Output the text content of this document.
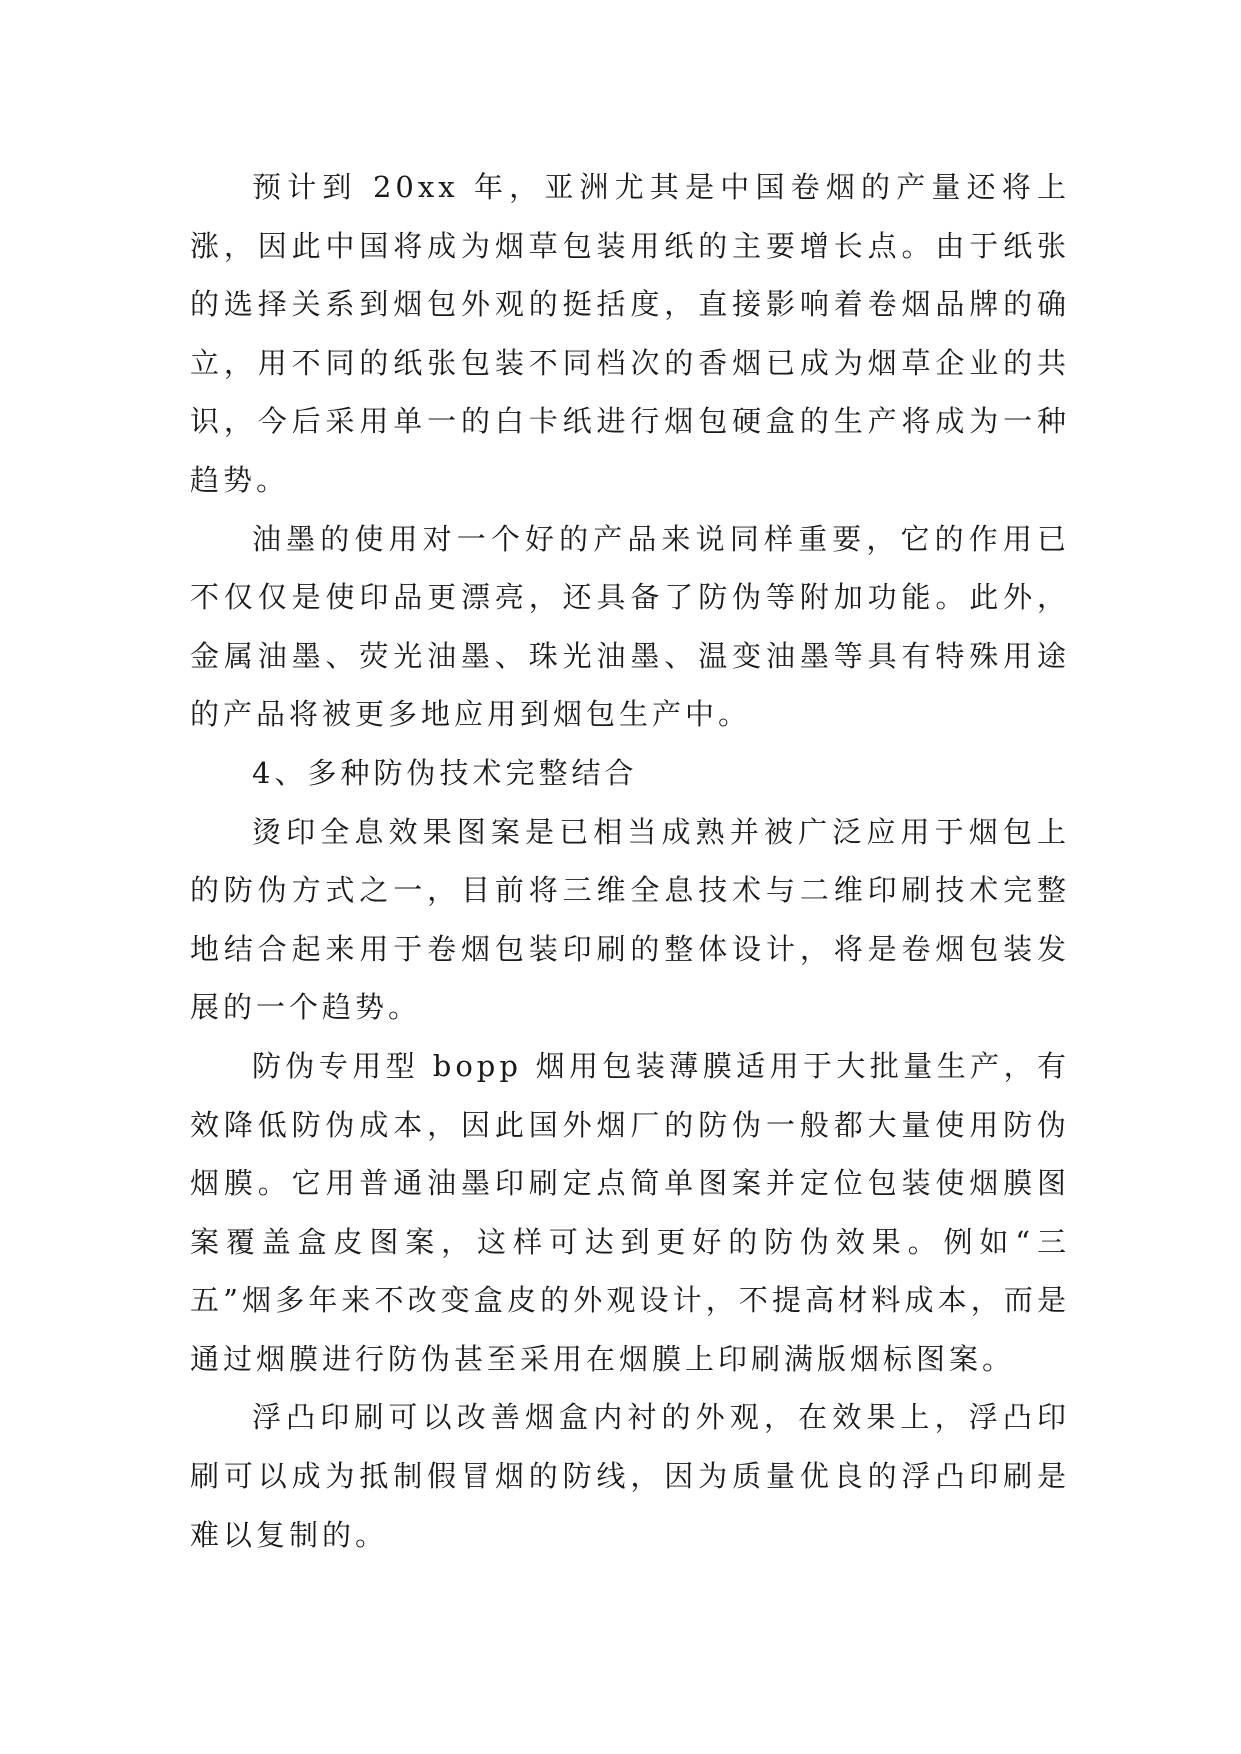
预计到 20xx 年，亚洲尤其是中国卷烟的产量还将上涨，因此中国将成为烟草包装用纸的主要增长点。由于纸张的选择关系到烟包外观的挺括度，直接影响着卷烟品牌的确立，用不同的纸张包装不同档次的香烟已成为烟草企业的共识，今后采用单一的白卡纸进行烟包硬盒的生产将成为一种趋势。

油墨的使用对一个好的产品来说同样重要，它的作用已不仅仅是使印品更漂亮，还具备了防伪等附加功能。此外，金属油墨、荧光油墨、珠光油墨、温变油墨等具有特殊用途的产品将被更多地应用到烟包生产中。

4、多种防伪技术完整结合

烫印全息效果图案是已相当成熟并被广泛应用于烟包上的防伪方式之一，目前将三维全息技术与二维印刷技术完整地结合起来用于卷烟包装印刷的整体设计，将是卷烟包装发展的一个趋势。

防伪专用型 bopp 烟用包装薄膜适用于大批量生产，有效降低防伪成本，因此国外烟厂的防伪一般都大量使用防伪烟膜。它用普通油墨印刷定点简单图案并定位包装使烟膜图案覆盖盒皮图案，这样可达到更好的防伪效果。例如“三五”烟多年来不改变盒皮的外观设计，不提高材料成本，而是通过烟膜进行防伪甚至采用在烟膜上印刷满版烟标图案。

浮凸印刷可以改善烟盒内衬的外观，在效果上，浮凸印刷可以成为抵制假冒烟的防线，因为质量优良的浮凸印刷是难以复制的。
